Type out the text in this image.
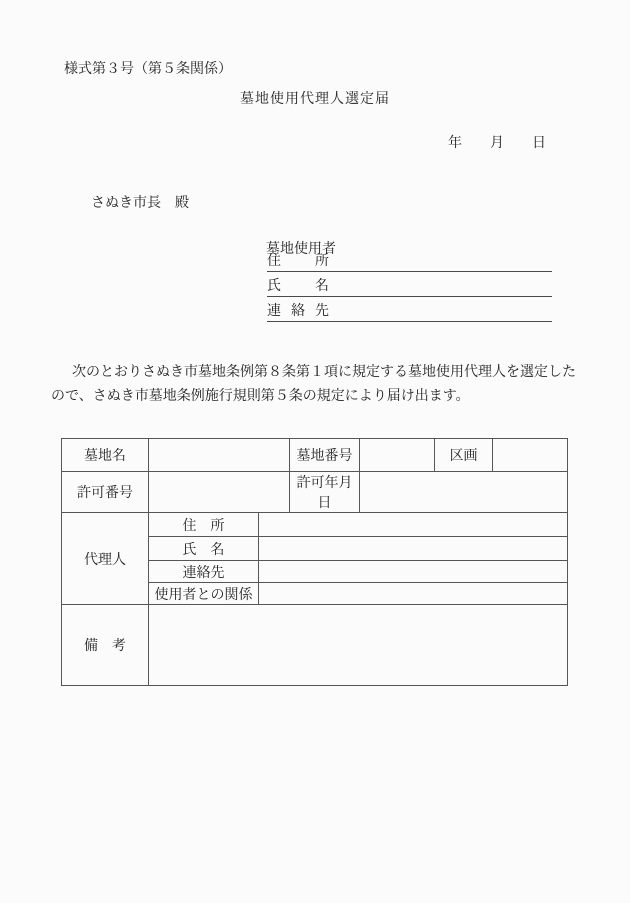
様式第３号（第５条関係）
墓地使用代理人選定届
年　　月　　日
さぬき市長　殿
墓地使用者
住所
氏名
連絡先
次のとおりさぬき市墓地条例第８条第１項に規定する墓地使用代理人を選定したので、さぬき市墓地条例施行規則第５条の規定により届け出ます。
墓地名			墓地番号		区画	
許可番号			許可年月日			
代理人	住　所					
	氏　名					
	連絡先					
	使用者との関係					
備　考						
